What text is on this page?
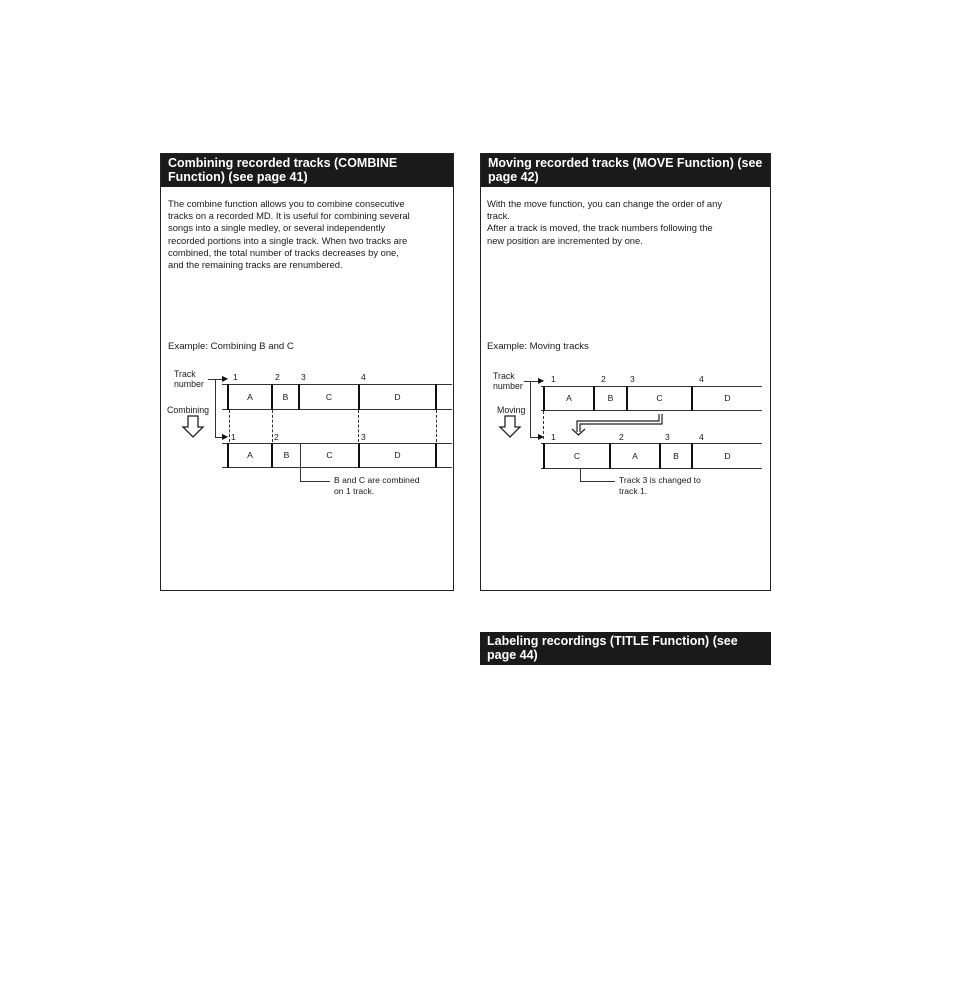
Combining recorded tracks (COMBINE Function) (see page 41)
The combine function allows you to combine consecutive
tracks on a recorded MD. It is useful for combining several
songs into a single medley, or several independently
recorded portions into a single track. When two tracks are
combined, the total number of tracks decreases by one,
and the remaining tracks are renumbered.
Example: Combining B and C
Track
number
Combining
▶
▶
1	2 3	4
A	B	C	D
1	2	3
A	B	C	D
B and C are combined
on 1 track.
Moving recorded tracks (MOVE Function) (see page 42)
With the move function, you can change the order of any
track.
After a track is moved, the track numbers following the
new position are incremented by one.
Example: Moving tracks
Track
number
Moving
▶
▶
1	2	3	4
A	B	C	D
1	2	3	4
C	A	B	D
Track 3 is changed to
track 1.
Labeling recordings (TITLE Function) (see page 44)
